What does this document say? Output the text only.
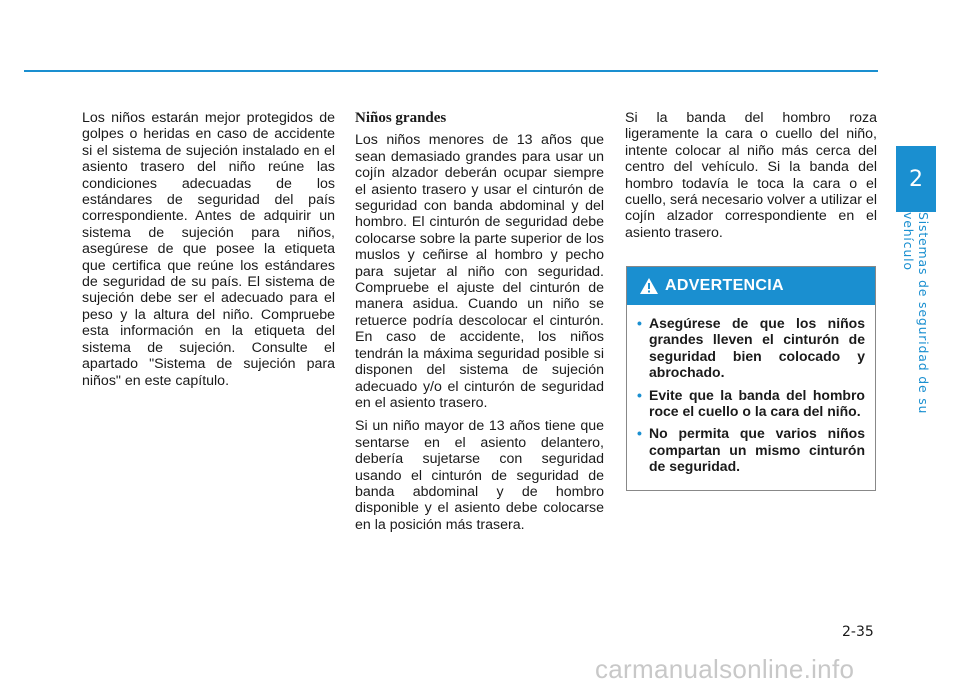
2
Sistemas de seguridad de su vehículo

Los niños estarán mejor protegidos de golpes o heridas en caso de accidente si el sistema de sujeción instalado en el asiento trasero del niño reúne las condiciones adecuadas de los estándares de seguridad del país correspondiente. Antes de adquirir un sistema de sujeción para niños, asegúrese de que posee la etiqueta que certifica que reúne los estándares de seguridad de su país. El sistema de sujeción debe ser el adecuado para el peso y la altura del niño. Compruebe esta información en la etiqueta del sistema de sujeción. Consulte el apartado "Sistema de sujeción para niños" en este capítulo.

Niños grandes

Los niños menores de 13 años que sean demasiado grandes para usar un cojín alzador deberán ocupar siempre el asiento trasero y usar el cinturón de seguridad con banda abdominal y del hombro. El cinturón de seguridad debe colocarse sobre la parte superior de los muslos y ceñirse al hombro y pecho para sujetar al niño con seguridad. Compruebe el ajuste del cinturón de manera asidua. Cuando un niño se retuerce podría descolocar el cinturón. En caso de accidente, los niños tendrán la máxima seguridad posible si disponen del sistema de sujeción adecuado y/o el cinturón de seguridad en el asiento trasero.

Si un niño mayor de 13 años tiene que sentarse en el asiento delantero, debería sujetarse con seguridad usando el cinturón de seguridad de banda abdominal y de hombro disponible y el asiento debe colocarse en la posición más trasera.

Si la banda del hombro roza ligeramente la cara o cuello del niño, intente colocar al niño más cerca del centro del vehículo. Si la banda del hombro todavía le toca la cara o el cuello, será necesario volver a utilizar el cojín alzador correspondiente en el asiento trasero.

ADVERTENCIA
• Asegúrese de que los niños grandes lleven el cinturón de seguridad bien colocado y abrochado.
• Evite que la banda del hombro roce el cuello o la cara del niño.
• No permita que varios niños compartan un mismo cinturón de seguridad.
2-35
carmanualsonline.info
